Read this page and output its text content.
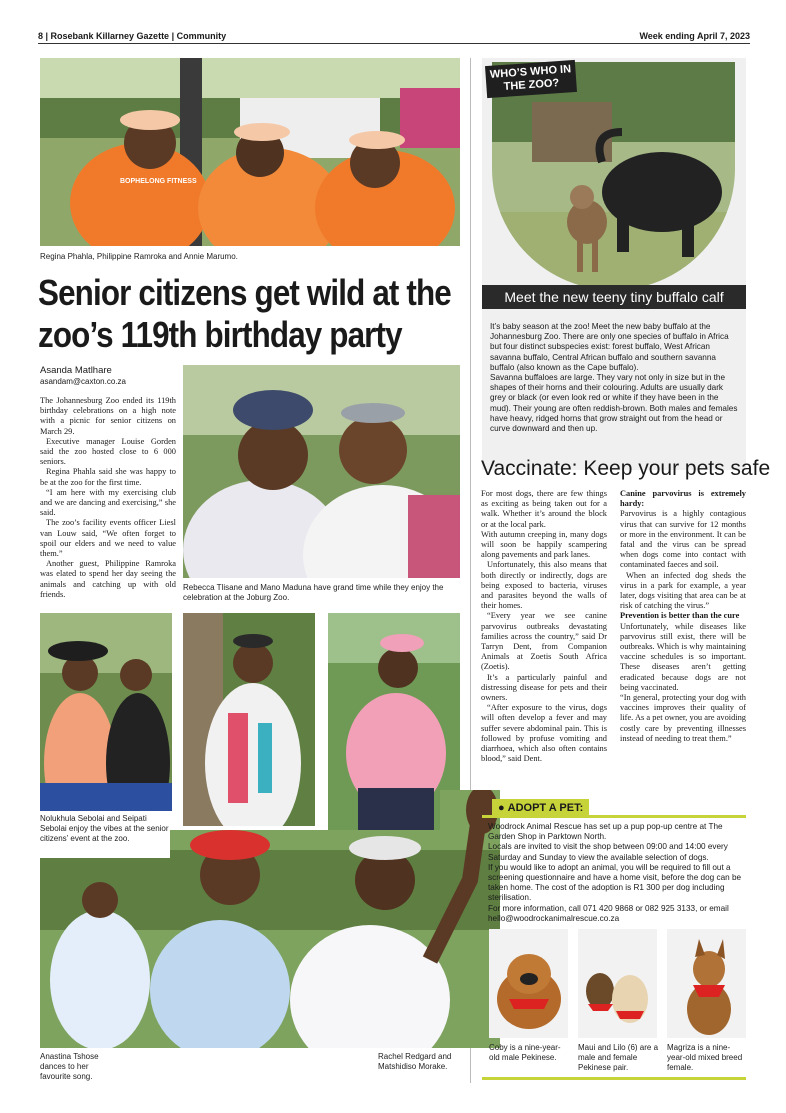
8 | Rosebank Killarney Gazette | Community	Week ending April 7, 2023
BOPHELONG FITNESS
Regina Phahla, Philippine Ramroka and Annie Marumo.
Senior citizens get wild at the zoo’s 119th birthday party
Asanda Matlhare
asandam@caxton.co.za

The Johannesburg Zoo ended its 119th birthday celebrations on a high note with a picnic for senior citizens on March 29.

Executive manager Louise Gorden said the zoo hosted close to 6 000 seniors.

Regina Phahla said she was happy to be at the zoo for the first time.

“I am here with my exercising club and we are dancing and exercising,” she said.

The zoo’s facility events officer Liesl van Louw said, “We often forget to spoil our elders and we need to value them.”

Another guest, Philippine Ramroka was elated to spend her day seeing the animals and catching up with old friends.

Rebecca Tlisane and Mano Maduna have grand time while they enjoy the celebration at the Joburg Zoo.
Nolukhula Sebolai and Seipati Sebolai enjoy the vibes at the senior citizens’ event at the zoo.
Anastina Tshose dances to her favourite song.
Rachel Redgard and Matshidiso Morake.
WHO’S WHO IN THE ZOO?
Meet the new teeny tiny buffalo calf

It’s baby season at the zoo! Meet the new baby buffalo at the Johannesburg Zoo. There are only one species of buffalo in Africa but four distinct subspecies exist: forest buffalo, West African savanna buffalo, Central African buffalo and southern savanna buffalo (also known as the Cape buffalo).

Savanna buffaloes are large. They vary not only in size but in the shapes of their horns and their colouring. Adults are usually dark grey or black (or even look red or white if they have been in the mud). Their young are often reddish-brown. Both males and females have heavy, ridged horns that grow straight out from the head or curve downward and then up.

Vaccinate: Keep your pets safe

For most dogs, there are few things as exciting as being taken out for a walk. Whether it’s around the block or at the local park.

With autumn creeping in, many dogs will soon be happily scampering along pavements and park lanes.

Unfortunately, this also means that both directly or indirectly, dogs are being exposed to bacteria, viruses and parasites beyond the walls of their homes.

“Every year we see canine parvovirus outbreaks devastating families across the country,” said Dr Tarryn Dent, from Companion Animals at Zoetis South Africa (Zoetis).

It’s a particularly painful and distressing disease for pets and their owners.

“After exposure to the virus, dogs will often develop a fever and may suffer severe abdominal pain. This is followed by profuse vomiting and diarrhoea, which also often contains blood,” said Dent.

Canine parvovirus is extremely hardy:

Parvovirus is a highly contagious virus that can survive for 12 months or more in the environment. It can be fatal and the virus can be spread when dogs come into contact with contaminated faeces and soil.

When an infected dog sheds the virus in a park for example, a year later, dogs visiting that area can be at risk of catching the virus.”

Prevention is better than the cure

Unfortunately, while diseases like parvovirus still exist, there will be outbreaks. Which is why maintaining vaccine schedules is so important. These diseases aren’t getting eradicated because dogs are not being vaccinated.

“In general, protecting your dog with vaccines improves their quality of life. As a pet owner, you are avoiding costly care by preventing illnesses instead of needing to treat them.”

● ADOPT A PET:

Woodrock Animal Rescue has set up a pup pop-up centre at The Garden Shop in Parktown North.

Locals are invited to visit the shop between 09:00 and 14:00 every Saturday and Sunday to view the available selection of dogs.

If you would like to adopt an animal, you will be required to fill out a screening questionnaire and have a home visit, before the dog can be taken home. The cost of the adoption is R1 300 per dog including sterilisation.

For more information, call 071 420 9868 or 082 925 3133, or email hello@woodrockanimalrescue.co.za

Coby is a nine-year-old male Pekinese.
Maui and Lilo (6) are a male and female Pekinese pair.
Magriza is a nine-year-old mixed breed female.
